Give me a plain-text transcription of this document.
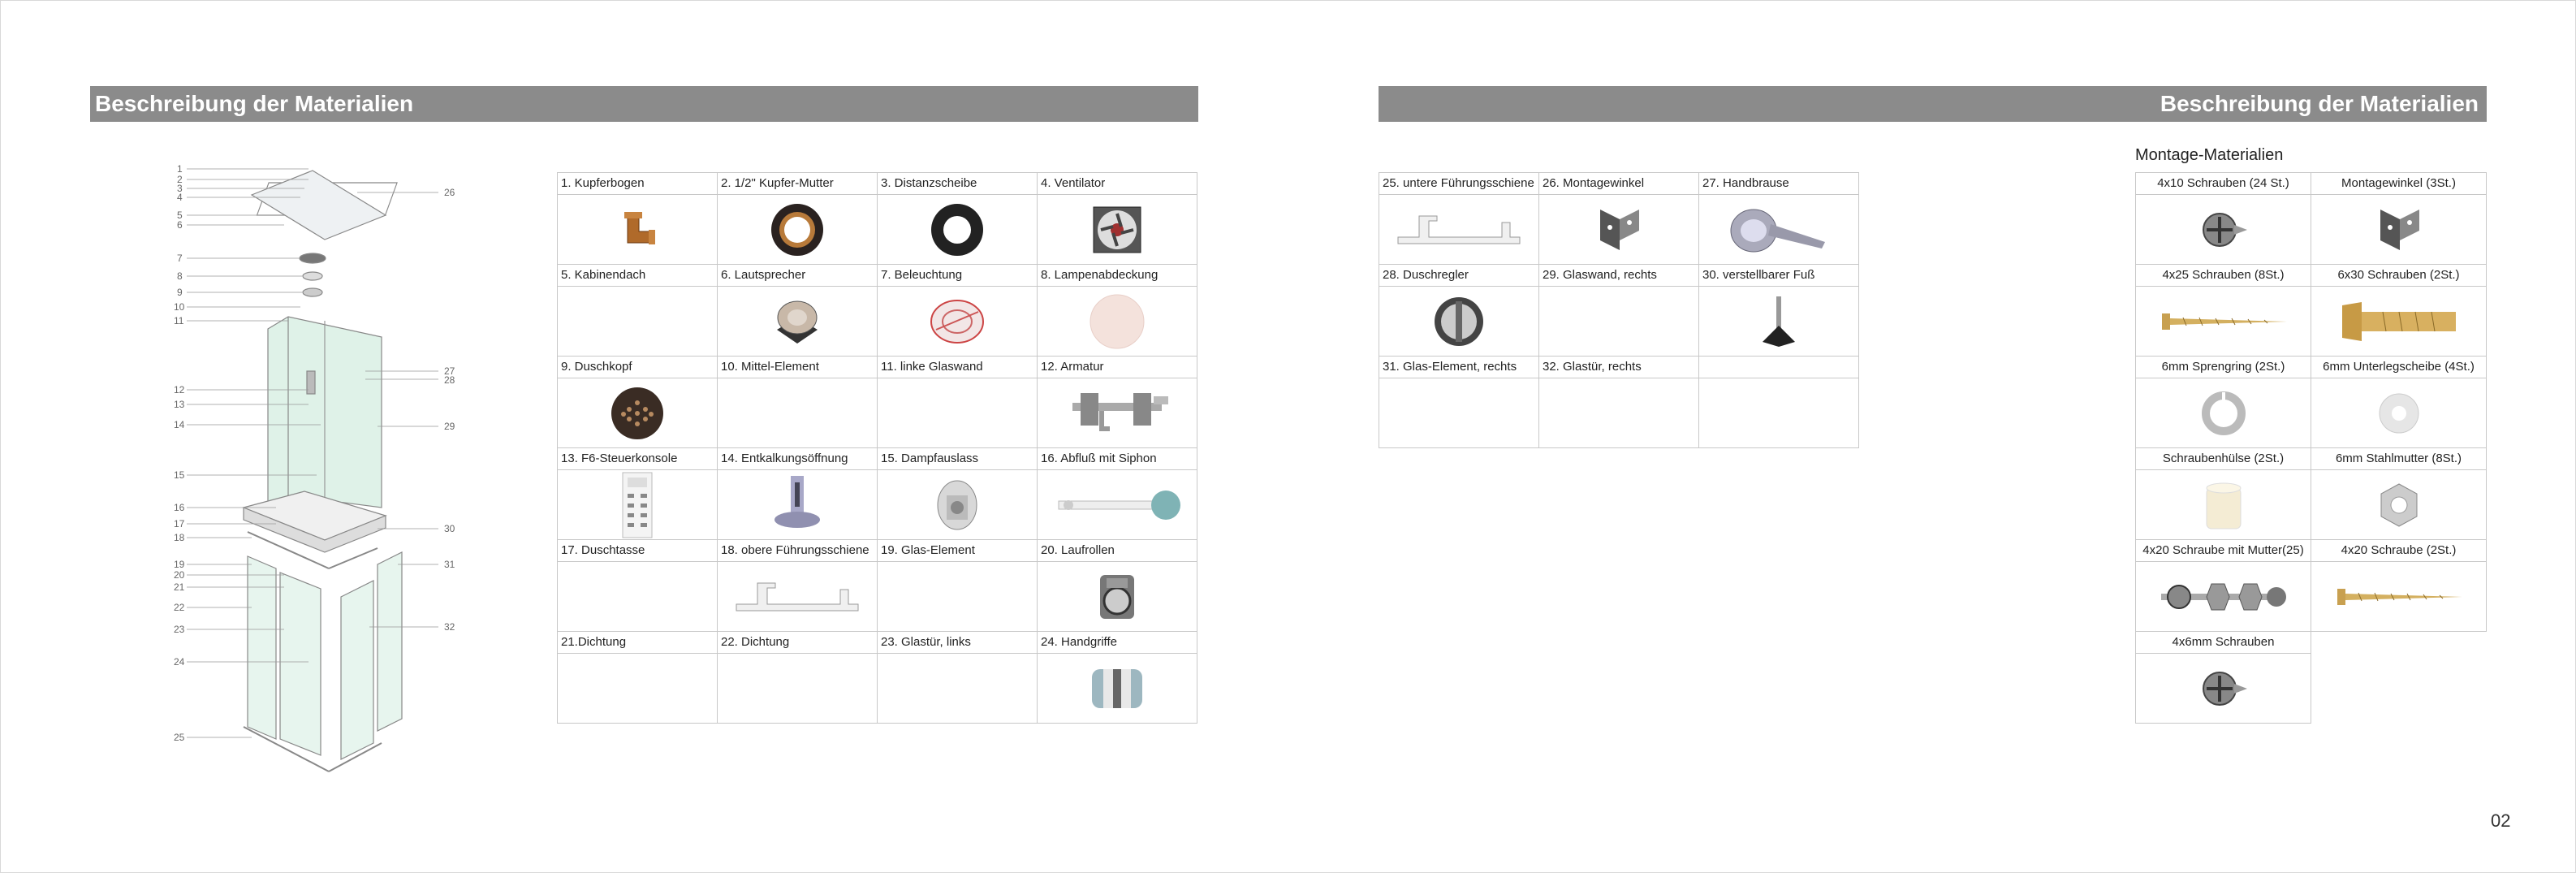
Beschreibung der Materialien	Beschreibung der Materialien
1
2
3
4
5
6
7
8
9
10
11
12
13
14
15
16
17
18
19
20
21
22
23
24
25
26
27
28
29
30
31
32
1. Kupferbogen	2. 1/2" Kupfer-Mutter	3. Distanzscheibe	4. Ventilator
5. Kabinendach	6. Lautsprecher	7. Beleuchtung	8. Lampenabdeckung
9. Duschkopf	10. Mittel-Element	11. linke Glaswand	12. Armatur
13. F6-Steuerkonsole	14. Entkalkungsöffnung	15. Dampfauslass	16. Abfluß mit Siphon
17. Duschtasse	18. obere Führungsschiene 19. Glas-Element	20. Laufrollen
21.Dichtung	22. Dichtung	23. Glastür, links	24. Handgriffe
25. untere Führungsschiene 26. Montagewinkel	27. Handbrause
28. Duschregler	29. Glaswand, rechts	30. verstellbarer Fuß
31. Glas-Element, rechts	32. Glastür, rechts
Montage-Materialien
4x10 Schrauben (24 St.)	Montagewinkel (3St.)
4x25 Schrauben (8St.)	6x30 Schrauben (2St.)
6mm Sprengring (2St.)	6mm Unterlegscheibe (4St.)
Schraubenhülse (2St.)	6mm Stahlmutter (8St.)
4x20 Schraube mit Mutter(25)	4x20 Schraube (2St.)
4x6mm Schrauben
02
